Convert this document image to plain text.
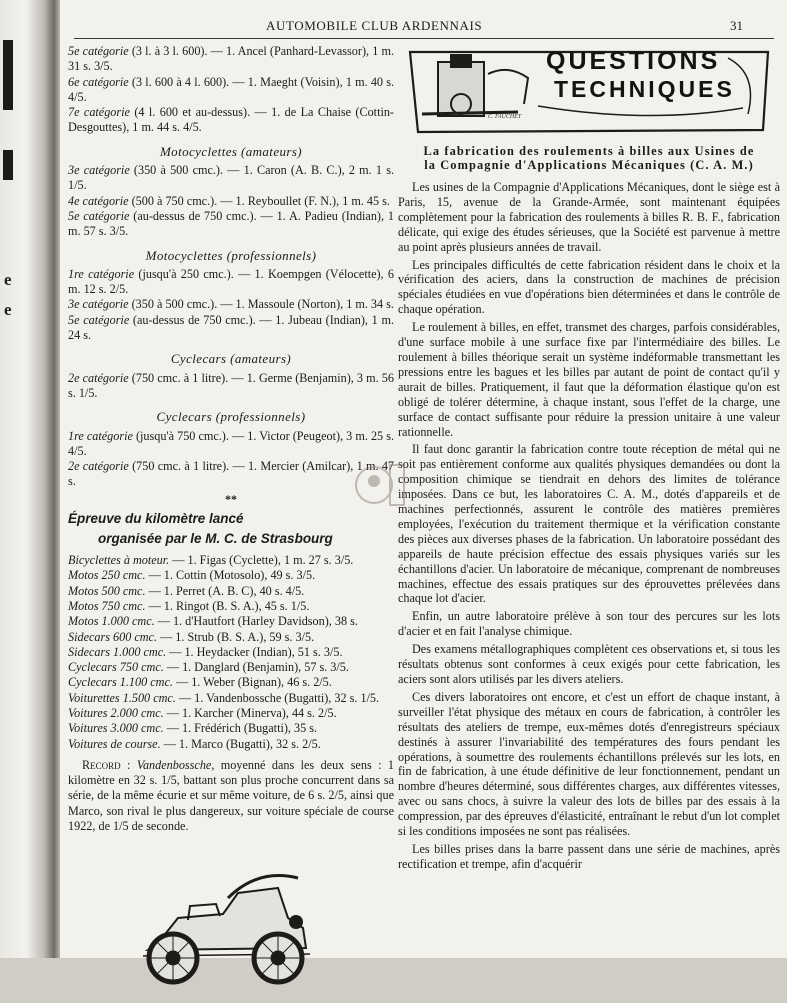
e
e
AUTOMOBILE CLUB ARDENNAIS	31

5e catégorie (3 l. à 3 l. 600). — 1. Ancel (Panhard-Levassor), 1 m. 31 s. 3/5.

6e catégorie (3 l. 600 à 4 l. 600). — 1. Maeght (Voisin), 1 m. 40 s. 4/5.

7e catégorie (4 l. 600 et au-dessus). — 1. de La Chaise (Cottin-Desgouttes), 1 m. 44 s. 4/5.

Motocyclettes (amateurs)

3e catégorie (350 à 500 cmc.). — 1. Caron (A. B. C.), 2 m. 1 s. 1/5.

4e catégorie (500 à 750 cmc.). — 1. Reyboullet (F. N.), 1 m. 45 s.

5e catégorie (au-dessus de 750 cmc.). — 1. A. Padieu (Indian), 1 m. 57 s. 3/5.

Motocyclettes (professionnels)

1re catégorie (jusqu'à 250 cmc.). — 1. Koempgen (Vélocette), 6 m. 12 s. 2/5.

3e catégorie (350 à 500 cmc.). — 1. Massoule (Norton), 1 m. 34 s.

5e catégorie (au-dessus de 750 cmc.). — 1. Jubeau (Indian), 1 m. 24 s.

Cyclecars (amateurs)

2e catégorie (750 cmc. à 1 litre). — 1. Germe (Benjamin), 3 m. 56 s. 1/5.

Cyclecars (professionnels)

1re catégorie (jusqu'à 750 cmc.). — 1. Victor (Peugeot), 3 m. 25 s. 4/5.

2e catégorie (750 cmc. à 1 litre). — 1. Mercier (Amilcar), 1 m. 47 s.

**
Épreuve du kilomètre lancé
organisée par le M. C. de Strasbourg

Bicyclettes à moteur. — 1. Figas (Cyclette), 1 m. 27 s. 3/5.

Motos 250 cmc. — 1. Cottin (Motosolo), 49 s. 3/5.

Motos 500 cmc. — 1. Perret (A. B. C), 40 s. 4/5.

Motos 750 cmc. — 1. Ringot (B. S. A.), 45 s. 1/5.

Motos 1.000 cmc. — 1. d'Hautfort (Harley Davidson), 38 s.

Sidecars 600 cmc. — 1. Strub (B. S. A.), 59 s. 3/5.

Sidecars 1.000 cmc. — 1. Heydacker (Indian), 51 s. 3/5.

Cyclecars 750 cmc. — 1. Danglard (Benjamin), 57 s. 3/5.

Cyclecars 1.100 cmc. — 1. Weber (Bignan), 46 s. 2/5.

Voiturettes 1.500 cmc. — 1. Vandenbossche (Bugatti), 32 s. 1/5.

Voitures 2.000 cmc. — 1. Karcher (Minerva), 44 s. 2/5.

Voitures 3.000 cmc. — 1. Frédérich (Bugatti), 35 s.

Voitures de course. — 1. Marco (Bugatti), 32 s. 2/5.

Record : Vandenbossche, moyenné dans les deux sens : 1 kilomètre en 32 s. 1/5, battant son plus proche concurrent dans sa série, de la même écurie et sur même voiture, de 6 s. 2/5, ainsi que Marco, son rival le plus dangereux, sur voiture spéciale de course 1922, de 1/5 de seconde.

QUESTIONS
TECHNIQUES
C. FAUCHET
La fabrication des roulements à billes aux Usines de la Compagnie d'Applications Mécaniques (C. A. M.)

Les usines de la Compagnie d'Applications Mécaniques, dont le siège est à Paris, 15, avenue de la Grande-Armée, sont maintenant équipées complètement pour la fabrication des roulements à billes R. B. F., fabrication délicate, qui exige des études sérieuses, que la Société est parvenue à mettre au point après plusieurs années de travail.

Les principales difficultés de cette fabrication résident dans le choix et la vérification des aciers, dans la construction de machines de précision spéciales étudiées en vue d'opérations bien déterminées et dans le contrôle de chaque opération.

Le roulement à billes, en effet, transmet des charges, parfois considérables, d'une surface mobile à une surface fixe par l'intermédiaire des billes. Le roulement à billes théorique serait un système indéformable transmettant les pressions entre les bagues et les billes par autant de point de contact qu'il y aurait de billes. Pratiquement, il faut que la déformation élastique qu'on est obligé de tolérer détermine, à chaque instant, sous l'effet de la charge, une surface de contact suffisante pour réduire la pression unitaire à une valeur rationnelle.

Il faut donc garantir la fabrication contre toute réception de métal qui ne soit pas entièrement conforme aux qualités physiques demandées ou dont la composition chimique se tiendrait en dehors des limites de tolérance imposées. Dans ce but, les laboratoires C. A. M., dotés d'appareils et de machines perfectionnés, assurent le contrôle des matières premières employées, l'exécution du traitement thermique et la vérification constante des pièces aux diverses phases de la fabrication. Un laboratoire possédant des appareils de haute précision effectue des essais physiques variés sur les échantillons d'acier. Un laboratoire de mécanique, comprenant de nombreuses machines, effectue des essais pratiques sur des éprouvettes prélevées dans chaque lot d'acier.

Enfin, un autre laboratoire prélève à son tour des percures sur les lots d'acier et en fait l'analyse chimique.

Des examens métallographiques complètent ces observations et, si tous les résultats obtenus sont conformes à ceux exigés pour cette fabrication, les aciers sont alors utilisés par les divers ateliers.

Ces divers laboratoires ont encore, et c'est un effort de chaque instant, à surveiller l'état physique des métaux en cours de fabrication, à contrôler les résultats des ateliers de trempe, eux-mêmes dotés d'enregistreurs spéciaux destinés à assurer l'invariabilité des températures des fours pendant les opérations, à soumettre des roulements échantillons prélevés sur les lots, en fin de fabrication, à une étude définitive de leur fonctionnement, pendant un nombre d'heures déterminé, sous différentes charges, aux différentes vitesses, avec ou sans chocs, à suivre la valeur des lots de billes par des essais à la compression, par des épreuves d'élasticité, entraînant le rebut d'un lot complet si les conditions imposées ne sont pas réalisées.

Les billes prises dans la barre passent dans une série de machines, après rectification et trempe, afin d'acquérir
